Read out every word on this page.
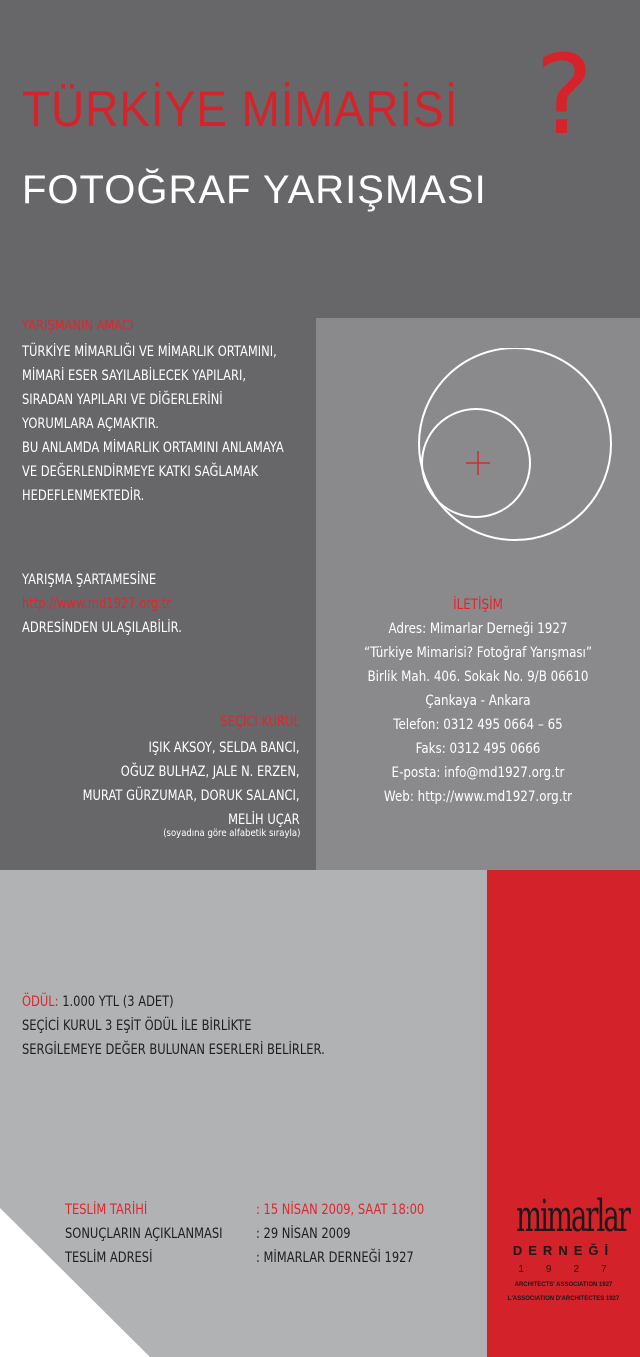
TÜRKİYE MİMARİSİ ?
FOTOĞRAF YARIŞMASI
YARIŞMANIN AMACI
TÜRKİYE MİMARLIĞI VE MİMARLIK ORTAMINI,
MİMARİ ESER SAYILABİLECEK YAPILARI,
SIRADAN YAPILARI VE DİĞERLERİNİ
YORUMLARA AÇMAKTIR.
BU ANLAMDA MİMARLIK ORTAMINI ANLAMAYA
VE DEĞERLENDİRMEYE KATKI SAĞLAMAK
HEDEFLENMEKTEDİR.
YARIŞMA ŞARTAMESİNE
http://www.md1927.org.tr
ADRESİNDEN ULAŞILABİLİR.
SEÇİCİ KURUL
IŞIK AKSOY, SELDA BANCI,
OĞUZ BULHAZ, JALE N. ERZEN,
MURAT GÜRZUMAR, DORUK SALANCI,
MELİH UÇAR
(soyadına göre alfabetik sırayla)
İLETİŞİM
Adres: Mimarlar Derneği 1927
“Türkiye Mimarisi? Fotoğraf Yarışması”
Birlik Mah. 406. Sokak No. 9/B 06610
Çankaya - Ankara
Telefon: 0312 495 0664 – 65
Faks: 0312 495 0666
E-posta: info@md1927.org.tr
Web: http://www.md1927.org.tr
ÖDÜL: 1.000 YTL (3 ADET)
SEÇİCİ KURUL 3 EŞİT ÖDÜL İLE BİRLİKTE
SERGİLEMEYE DEĞER BULUNAN ESERLERİ BELİRLER.
TESLİM TARİHİ
SONUÇLARIN AÇIKLANMASI
TESLİM ADRESİ
: 15 NİSAN 2009, SAAT 18:00
: 29 NİSAN 2009
: MİMARLAR DERNEĞİ 1927
mimarlar
DERNEĞİ
1927
ARCHITECTS' ASSOCIATION 1927
L'ASSOCIATION D'ARCHITECTES 1927
